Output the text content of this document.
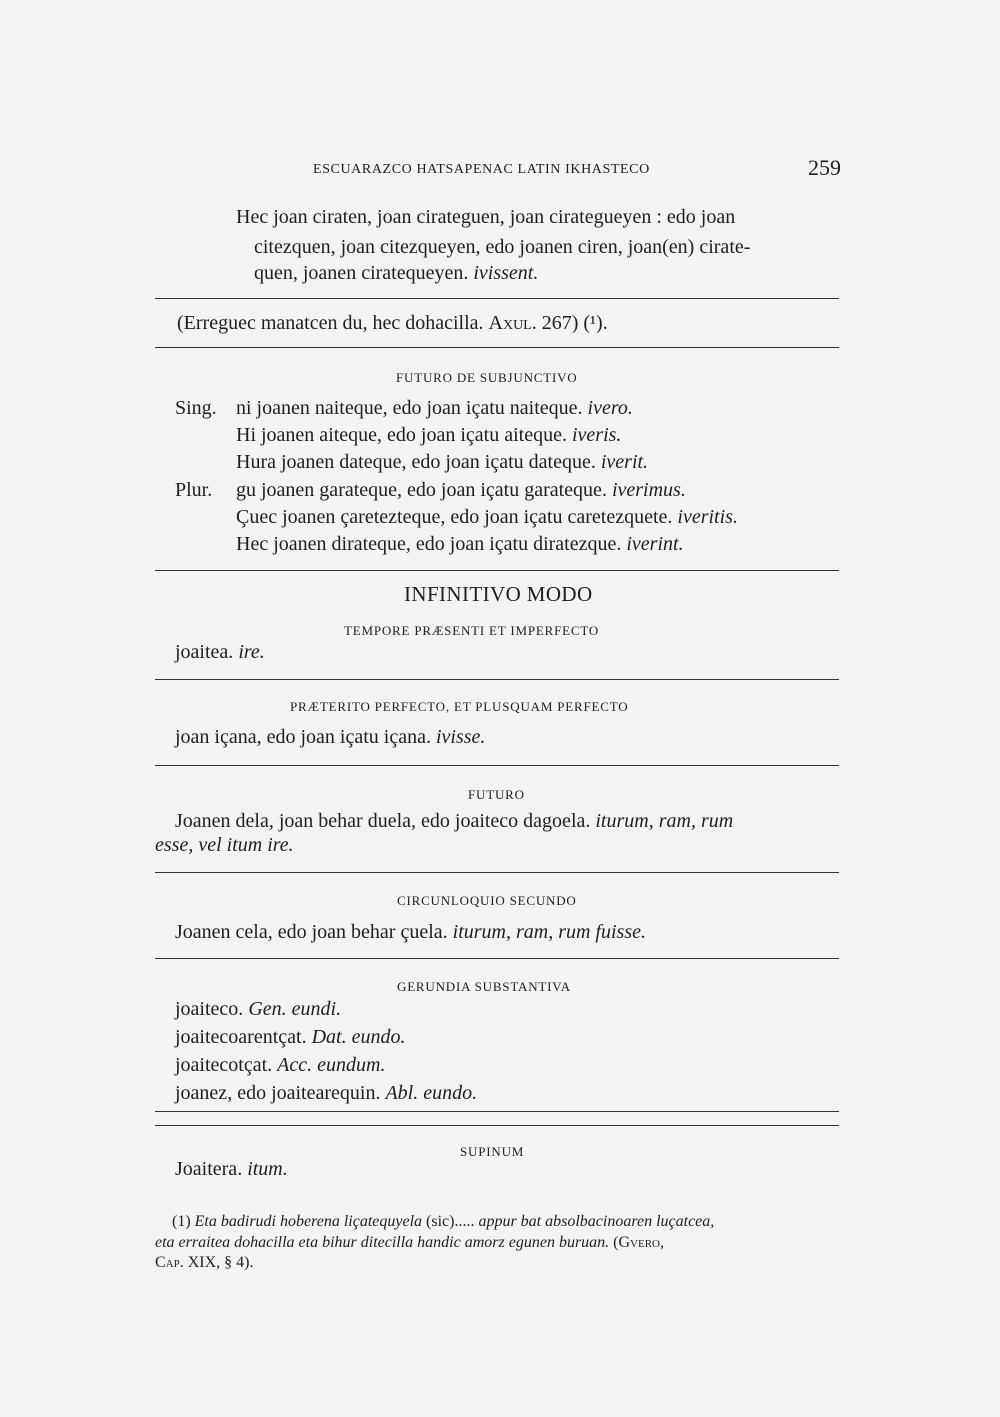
ESCUARAZCO HATSAPENAC LATIN IKHASTECO	259
Hec joan ciraten, joan cirateguen, joan cirateguеyen : edo joan
citezquen, joan citezqueyen, edo joanen ciren, joan(en) cirate-
quen, joanen ciratequeyen. ivissent.
(Erreguec manatcen du, hec dohacilla. Axul. 267) (¹).
FUTURO DE SUBJUNCTIVO
Sing. ni joanen naiteque, edo joan içatu naiteque. ivero.
Hi joanen aiteque, edo joan içatu aiteque. iveris.
Hura joanen dateque, edo joan içatu dateque. iverit.
Plur. gu joanen garateque, edo joan içatu garateque. iverimus.
Çuec joanen çaretezteque, edo joan içatu caretezquete. iveritis.
Hec joanen dirateque, edo joan içatu diratezque. iverint.
INFINITIVO MODO
TEMPORE PRÆSENTI ET IMPERFECTO
joaitea. ire.
PRÆTERITO PERFECTO, ET PLUSQUAM PERFECTO
joan içana, edo joan içatu içana. ivisse.
FUTURO
Joanen dela, joan behar duela, edo joaiteco dagoela. iturum, ram, rum
esse, vel itum ire.
CIRCUNLOQUIO SECUNDO
Joanen cela, edo joan behar çuela. iturum, ram, rum fuisse.
GERUNDIA SUBSTANTIVA
joaiteco. Gen. eundi.
joaitecoarentçat. Dat. eundo.
joaitecotçat. Acc. eundum.
joanez, edo joaitearequin. Abl. eundo.
SUPINUM
Joaitera. itum.
(1) Eta badirudi hoberena liçatequyela (sic)..... appur bat absolbacinoaren luçatcea,
eta erraitea dohacilla eta bihur ditecilla handic amorz egunen buruan. (Gvero,
Cap. XIX, § 4).
